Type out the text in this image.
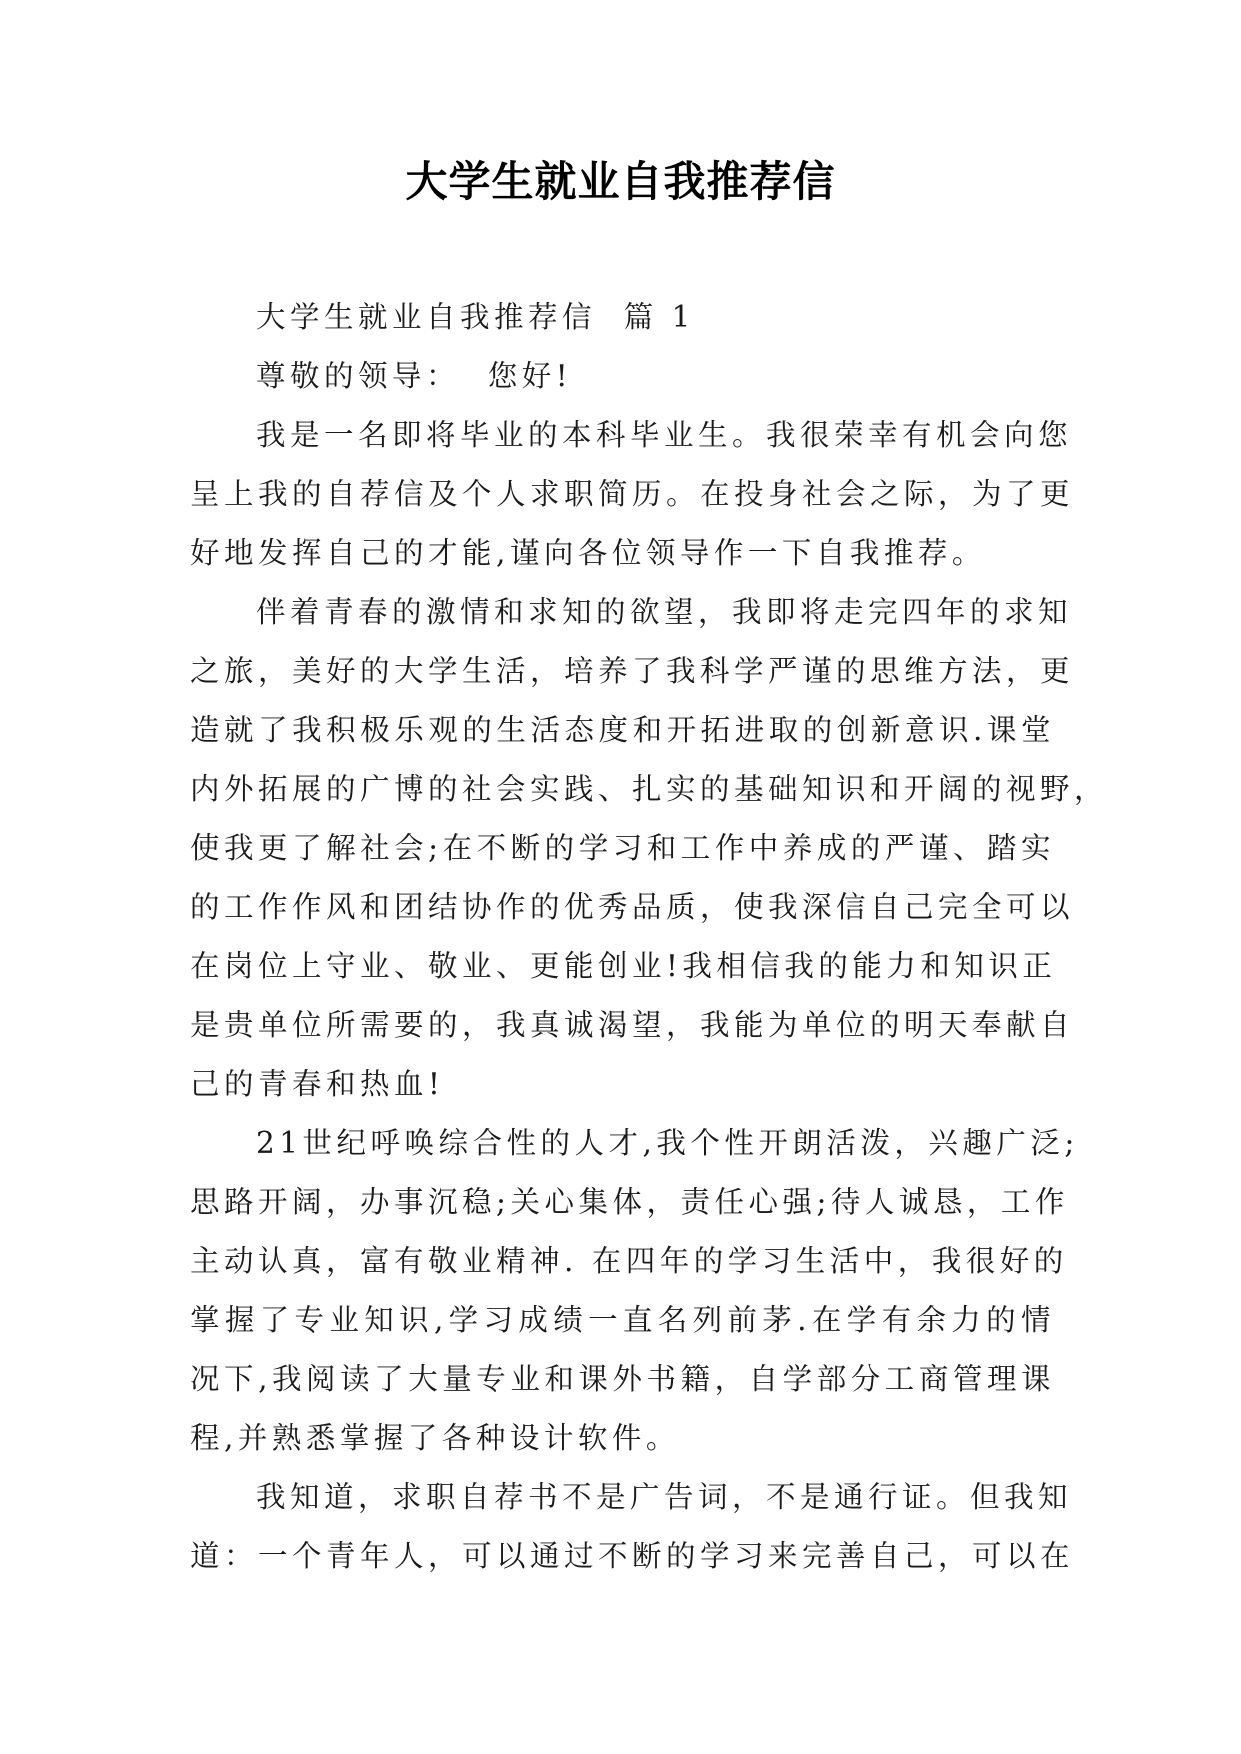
大学生就业自我推荐信

大学生就业自我推荐信  篇 1

尊敬的领导：  您好!

我是一名即将毕业的本科毕业生。我很荣幸有机会向您

呈上我的自荐信及个人求职简历。在投身社会之际，为了更

好地发挥自己的才能,谨向各位领导作一下自我推荐。

伴着青春的激情和求知的欲望，我即将走完四年的求知

之旅，美好的大学生活，培养了我科学严谨的思维方法，更

造就了我积极乐观的生活态度和开拓进取的创新意识.课堂

内外拓展的广博的社会实践、扎实的基础知识和开阔的视野，

使我更了解社会;在不断的学习和工作中养成的严谨、踏实

的工作作风和团结协作的优秀品质，使我深信自己完全可以

在岗位上守业、敬业、更能创业!我相信我的能力和知识正

是贵单位所需要的，我真诚渴望，我能为单位的明天奉献自

己的青春和热血!

21世纪呼唤综合性的人才,我个性开朗活泼，兴趣广泛;

思路开阔，办事沉稳;关心集体，责任心强;待人诚恳，工作

主动认真，富有敬业精神. 在四年的学习生活中，我很好的

掌握了专业知识,学习成绩一直名列前茅.在学有余力的情

况下,我阅读了大量专业和课外书籍，自学部分工商管理课

程,并熟悉掌握了各种设计软件。

我知道，求职自荐书不是广告词，不是通行证。但我知

道：一个青年人，可以通过不断的学习来完善自己，可以在
